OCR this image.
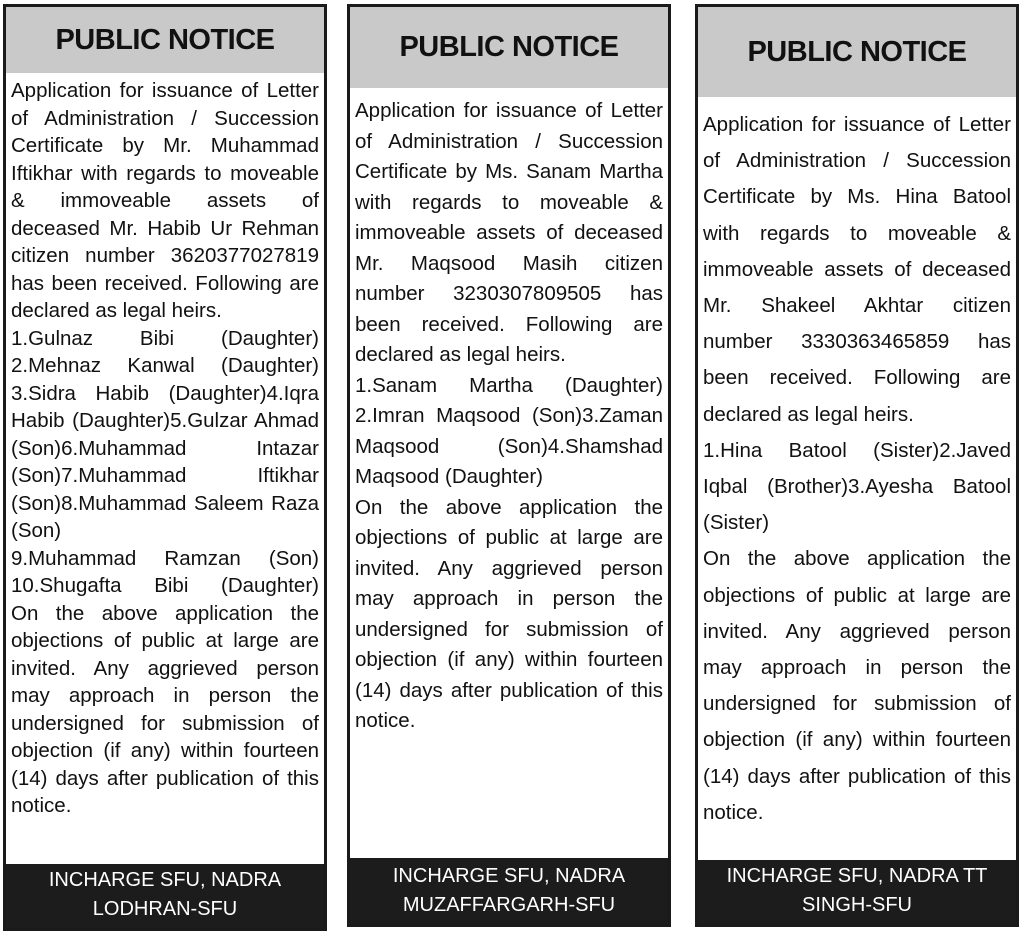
PUBLIC NOTICE

Application for issuance of Letter of Administration / Succession Certificate by Mr. Muhammad Iftikhar with regards to moveable & immoveable assets of deceased Mr. Habib Ur Rehman citizen number 3620377027819 has been received. Following are declared as legal heirs.

1.Gulnaz Bibi (Daughter)

2.Mehnaz Kanwal (Daughter)

3.Sidra Habib (Daughter)4.Iqra Habib (Daughter)5.Gulzar Ahmad (Son)6.Muhammad Intazar (Son)7.Muhammad Iftikhar (Son)8.Muhammad Saleem Raza (Son)

9.Muhammad Ramzan (Son)

10.Shugafta Bibi (Daughter)

On the above application the objections of public at large are invited. Any aggrieved person may approach in person the undersigned for submission of objection (if any) within fourteen (14) days after publication of this notice.

INCHARGE SFU, NADRA
LODHRAN-SFU
PUBLIC NOTICE

Application for issuance of Letter of Administration / Succession Certificate by Ms. Sanam Martha with regards to moveable & immoveable assets of deceased Mr. Maqsood Masih citizen number 3230307809505 has been received. Following are declared as legal heirs.

1.Sanam Martha (Daughter)

2.Imran Maqsood (Son)3.Zaman Maqsood (Son)4.Shamshad Maqsood (Daughter)

On the above application the objections of public at large are invited. Any aggrieved person may approach in person the undersigned for submission of objection (if any) within fourteen (14) days after publication of this notice.

INCHARGE SFU, NADRA
MUZAFFARGARH-SFU
PUBLIC NOTICE

Application for issuance of Letter of Administration / Succession Certificate by Ms. Hina Batool with regards to moveable & immoveable assets of deceased Mr. Shakeel Akhtar citizen number 3330363465859 has been received. Following are declared as legal heirs.

1.Hina Batool (Sister)2.Javed Iqbal (Brother)3.Ayesha Batool (Sister)

On the above application the objections of public at large are invited. Any aggrieved person may approach in person the undersigned for submission of objection (if any) within fourteen (14) days after publication of this notice.

INCHARGE SFU, NADRA TT
SINGH-SFU
